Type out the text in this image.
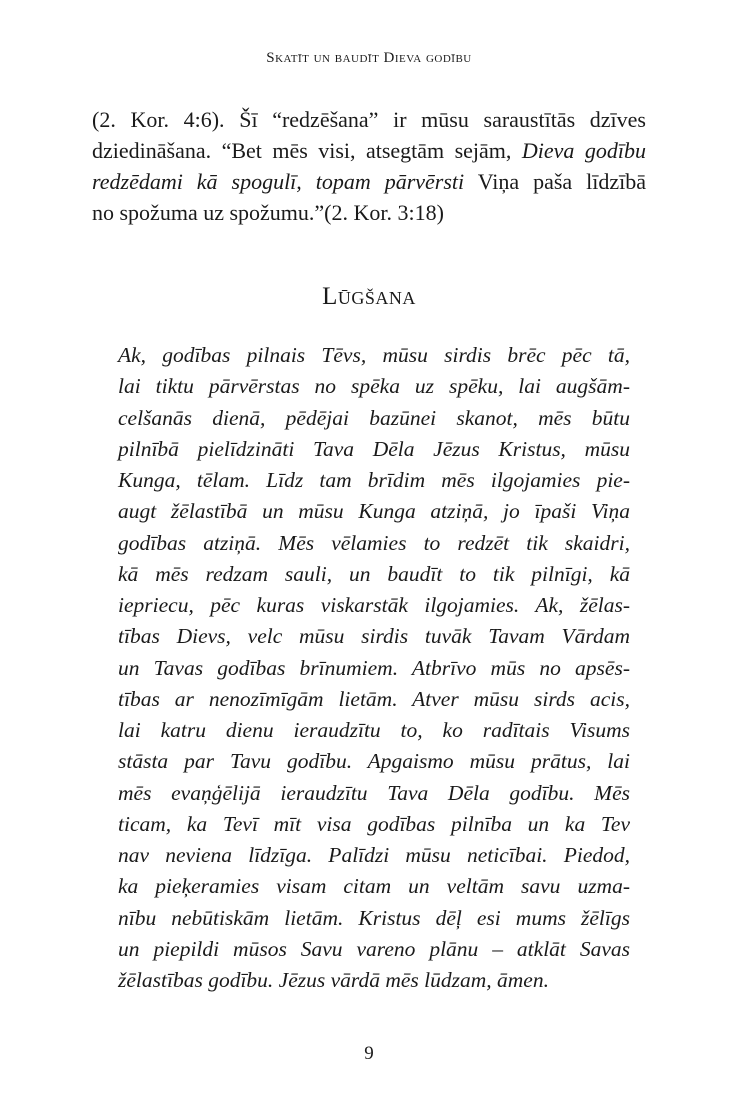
Skatīt un baudīt Dieva godību
(2. Kor. 4:6). Šī “redzēšana” ir mūsu saraustītās dzīves
dziedināšana. “Bet mēs visi, atsegtām sejām, Dieva godību
redzēdami kā spogulī, topam pārvērsti Viņa paša līdzībā
no spožuma uz spožumu.”(2. Kor. 3:18)
Lūgšana
Ak, godības pilnais Tēvs, mūsu sirdis brēc pēc tā,
lai tiktu pārvērstas no spēka uz spēku, lai augšām-
celšanās dienā, pēdējai bazūnei skanot, mēs būtu
pilnībā pielīdzināti Tava Dēla Jēzus Kristus, mūsu
Kunga, tēlam. Līdz tam brīdim mēs ilgojamies pie-
augt žēlastībā un mūsu Kunga atziņā, jo īpaši Viņa
godības atziņā. Mēs vēlamies to redzēt tik skaidri,
kā mēs redzam sauli, un baudīt to tik pilnīgi, kā
iepriecu, pēc kuras viskarstāk ilgojamies. Ak, žēlas-
tības Dievs, velc mūsu sirdis tuvāk Tavam Vārdam
un Tavas godības brīnumiem. Atbrīvo mūs no apsēs-
tības ar nenozīmīgām lietām. Atver mūsu sirds acis,
lai katru dienu ieraudzītu to, ko radītais Visums
stāsta par Tavu godību. Apgaismo mūsu prātus, lai
mēs evaņģēlijā ieraudzītu Tava Dēla godību. Mēs
ticam, ka Tevī mīt visa godības pilnība un ka Tev
nav neviena līdzīga. Palīdzi mūsu neticībai. Piedod,
ka pieķeramies visam citam un veltām savu uzma-
nību nebūtiskām lietām. Kristus dēļ esi mums žēlīgs
un piepildi mūsos Savu vareno plānu – atklāt Savas
žēlastības godību. Jēzus vārdā mēs lūdzam, āmen.
9
